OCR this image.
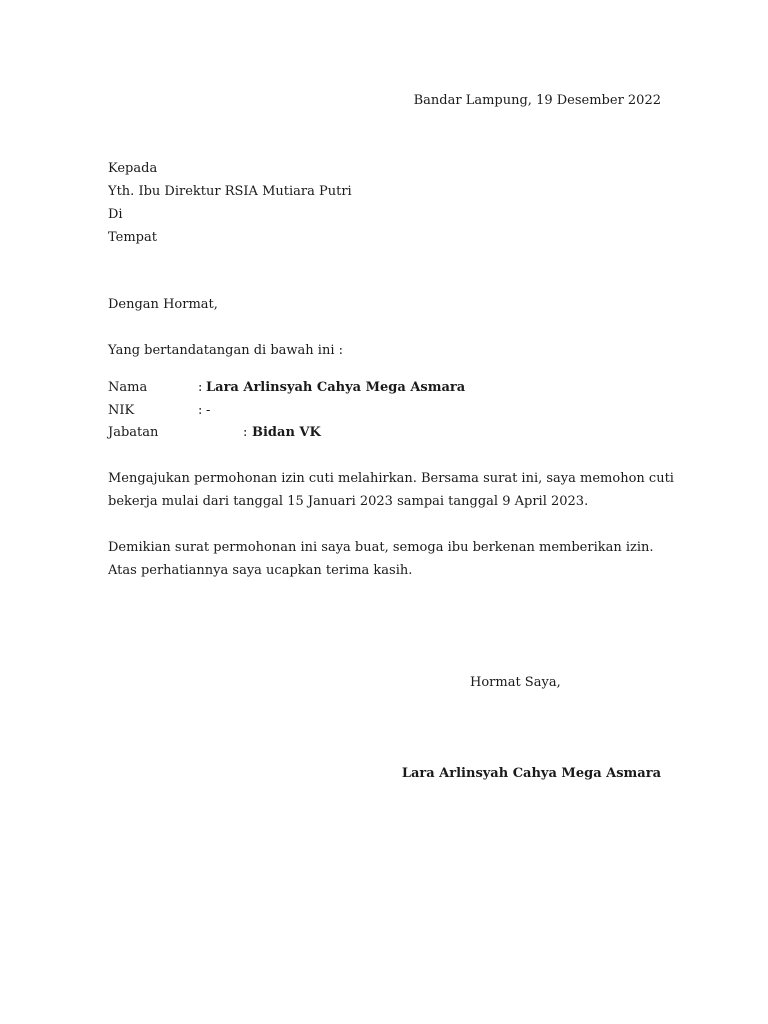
Bandar Lampung, 19 Desember 2022
Kepada
Yth. Ibu Direktur RSIA Mutiara Putri
Di
Tempat
Dengan Hormat,
Yang bertandatangan di bawah ini :
Nama	: Lara Arlinsyah Cahya Mega Asmara
NIK	: -
Jabatan	: Bidan VK
Mengajukan permohonan izin cuti melahirkan. Bersama surat ini, saya memohon cuti
bekerja mulai dari tanggal 15 Januari 2023 sampai tanggal 9 April 2023.
Demikian surat permohonan ini saya buat, semoga ibu berkenan memberikan izin.
Atas perhatiannya saya ucapkan terima kasih.
Hormat Saya,
Lara Arlinsyah Cahya Mega Asmara
